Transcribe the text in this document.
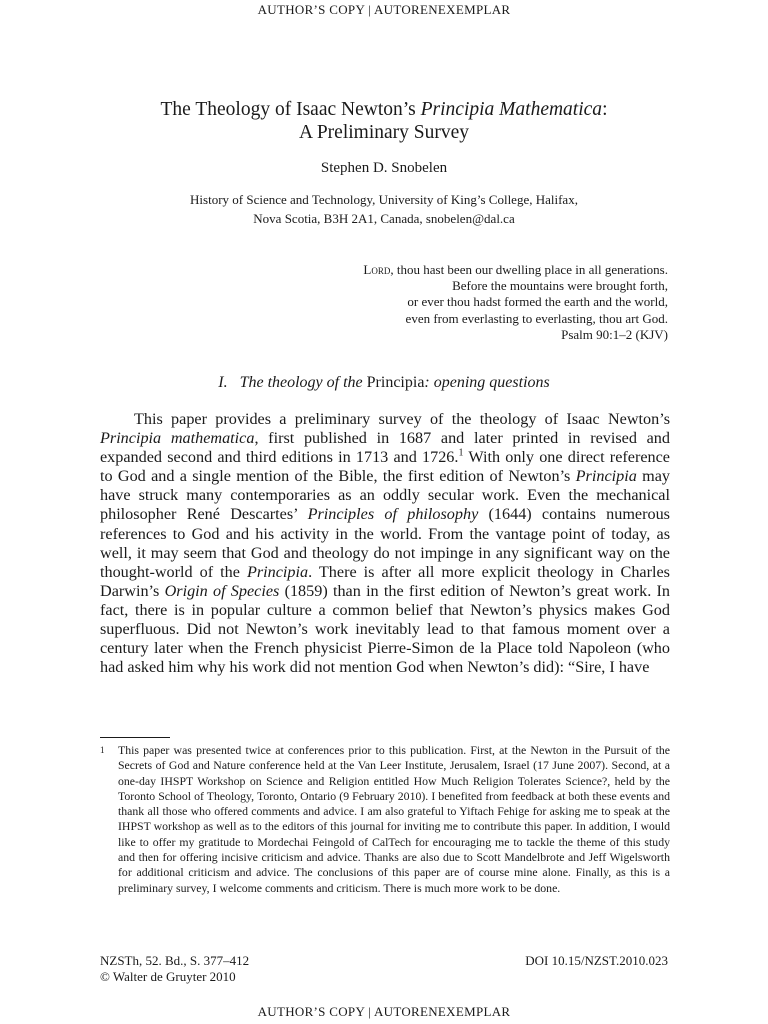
AUTHOR’S COPY | AUTORENEXEMPLAR
The Theology of Isaac Newton’s Principia Mathematica:
A Preliminary Survey
Stephen D. Snobelen
History of Science and Technology, University of King’s College, Halifax,
Nova Scotia, B3H 2A1, Canada, snobelen@dal.ca
Lord, thou hast been our dwelling place in all generations.
Before the mountains were brought forth,
or ever thou hadst formed the earth and the world,
even from everlasting to everlasting, thou art God.
Psalm 90:1–2 (KJV)
I. The theology of the Principia: opening questions

This paper provides a preliminary survey of the theology of Isaac Newton’s Principia mathematica, first published in 1687 and later printed in revised and expanded second and third editions in 1713 and 1726.$^1$ With only one direct reference to God and a single mention of the Bible, the first edition of Newton’s Principia may have struck many contemporaries as an oddly secular work. Even the mechanical philosopher René Descartes’ Principles of philosophy (1644) contains numerous references to God and his activity in the world. From the vantage point of today, as well, it may seem that God and theology do not impinge in any significant way on the thought-world of the Principia. There is after all more explicit theology in Charles Darwin’s Origin of Species (1859) than in the first edition of Newton’s great work. In fact, there is in popular culture a common belief that Newton’s physics makes God superfluous. Did not Newton’s work inevitably lead to that famous moment over a century later when the French physicist Pierre-Simon de la Place told Napoleon (who had asked him why his work did not mention God when Newton’s did): “Sire, I have

1 This paper was presented twice at conferences prior to this publication. First, at the Newton in the Pursuit of the Secrets of God and Nature conference held at the Van Leer Institute, Jerusalem, Israel (17 June 2007). Second, at a one-day IHSPT Workshop on Science and Religion entitled How Much Religion Tolerates Science?, held by the Toronto School of Theology, Toronto, Ontario (9 February 2010). I benefited from feedback at both these events and thank all those who offered comments and advice. I am also grateful to Yiftach Fehige for asking me to speak at the IHPST workshop as well as to the editors of this journal for inviting me to contribute this paper. In addition, I would like to offer my gratitude to Mordechai Feingold of CalTech for encouraging me to tackle the theme of this study and then for offering incisive criticism and advice. Thanks are also due to Scott Mandelbrote and Jeff Wigelsworth for additional criticism and advice. The conclusions of this paper are of course mine alone. Finally, as this is a preliminary survey, I welcome comments and criticism. There is much more work to be done.
NZSTh, 52. Bd., S. 377–412
© Walter de Gruyter 2010
DOI 10.15/NZST.2010.023
AUTHOR’S COPY | AUTORENEXEMPLAR
